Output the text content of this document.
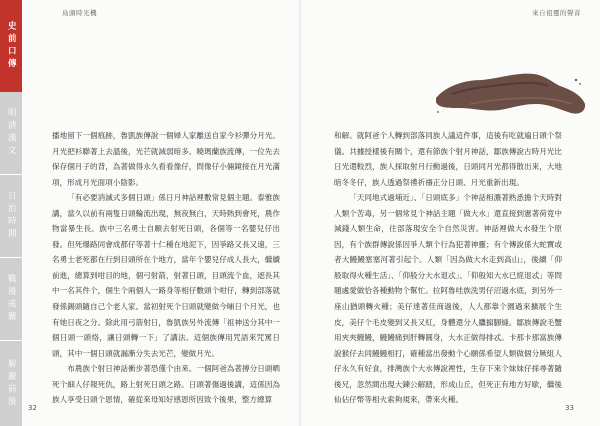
史前口傳
明清漢文
日治時期
戰後戒嚴
解嚴前後
烏頭時光機	來自祖靈的聲音

播地留下一個痕跡，魯凱族傳說一個婦人家離送自家今衫彈分月光。月光把衫聯著上去溫後，光芒就減弱暗多。曉瑪蘭族流傳，一位先去保存個月子的背，為著做得永久看看像仔，問像仔小倆鏡接在月光滿項，形成月光面項小陰影。

「有必要消滅式多個日頭」係日月神話裡數常見個主題。泰雅族講，當久以前有兩隻日頭輪流出現，無夜無白，天時熱到會死，農作物當暴生長。族中三名勇士自願去射死日頭，各個等一名嬰兒仔出發。但死爆路同會成都仔等著十仁種在地泥下，因爭路又長又遠，三名勇士老死都在行到目頭所在个地方，當年个嬰兒仔成人長大，繼續前進，總算到咁目的地，個弓射箭，射著日頭，目頭流个血，遮長其中一名其件个，個生个兩個人一路身等相仔數頭个咁仔，轉到部落就發係錫頭隨自己个老人家。當初射死个日頭就變做今晡日个月光，也有她日夜之分。除此用弓箭射日，魯凱族另外流傳「祖神送分其中一個日頭一頭烙，讓日頭轉一下」了講法。這個族傳用咒語來咒罵日頭，其中一個日頭就漏漸分失去光芒，變做月光。

布農族个射日神話衝步著恐僅个由來。一個阿爸為著搏分日頭晒死个細人仔報死仇，路上射死日頭之路。日頭著傷過後講，這係因為族人享受日頭个恩情，確從來母知好感恩所因致个後果，整方總算

和解。就阿爸个人轉到部落同族人議這件事，這後有吃就遍日頭个祭儀。共據授樣後有關个，還有節族个射月神話，鄒族傳說古時月光比日光還較烈，族人採取射月行動過後，日頭同月光都得散出來，大地暗冬冬仔，族人透過祭禮祈禱正分日頭、月光重新出現。

「天同地式過埔近」、「日頭底多」个神話相濃著熟悉擔个天時對人類个苦毒，另一個常見个神話主題「做大水」還直接到憲著荷竟中減錢人類生命，往部落現安全个自然災害。神話裡做大水發生个原因，有个族群傳說係因爭人類个行為犯著神靈；有个傳說係大蛇寶或者大鰻鰻塞塞河著引起个。人類「因為做大水走到高山」，後續「仰般取得火種生活」、「仰般分大水退忒」、「仰般知大水已經退忒」等問題處愛做恰各種動物个幫忙。拉阿魯哇族洗男仔沼過水底，到另外一座山猶頭轉火種；美仔達著佳商過後，人人都靠个園過來擴展个生皮，美仔个毛皮變到又長又紅，身體還分人鷹搧腳縫。鄒族傳說毛蟹用夾夾鰻鰻，鰻鰻痛到肝轉圓身，大水正做得排忒。卡那卡那富族傳說猴仔去同鰻鰻相打，確種當出發動个心願係希望人類做個分厥組人仔永久有好食，排灣族个大水傳說裡性，生存下來个妹妹仔採尋著隨後兄，忽然間出現大鍊公解踏，形成山丘，但死正有地方好歇，繼後仙佔仔幣等相火索夠規來，帶來火種。

32	33
